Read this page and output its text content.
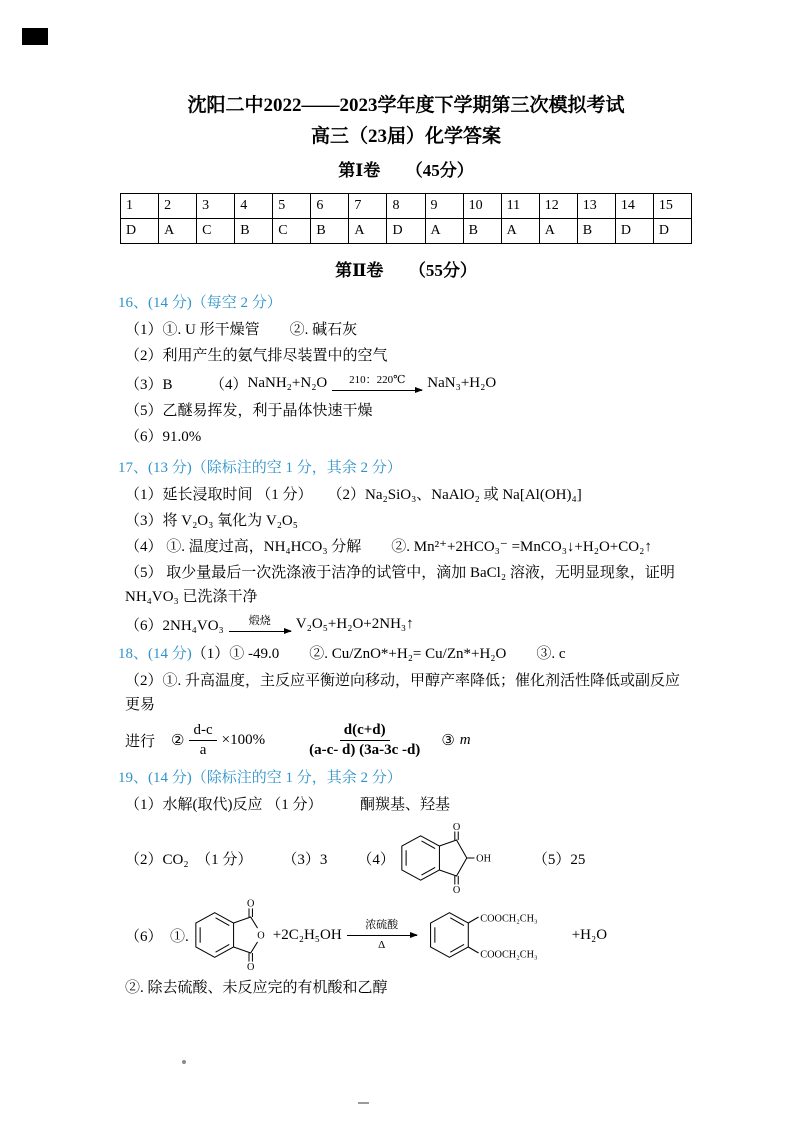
沈阳二中2022——2023学年度下学期第三次模拟考试
高三（23届）化学答案
第Ⅰ卷　　（45分）
1	2	3	4	5	6	7	8	9	10	11	12	13	14	15
D	A	C	B	C	B	A	D	A	B	A	A	B	D	D
第Ⅱ卷　　（55分）
16、(14 分)（每空 2 分）
（1）①. U 形干燥管　　②. 碱石灰
（2）利用产生的氨气排尽装置中的空气
（3）B　　　（4） NaNH₂+N₂O 210：220℃ NaN₃+H₂O
（5）乙醚易挥发，利于晶体快速干燥
（6）91.0%
17、(13 分)（除标注的空 1 分，其余 2 分）
（1）延长浸取时间 （1 分）　　（2）Na₂SiO₃、NaAlO₂ 或 Na[Al(OH)₄]
（3）将 V₂O₃ 氧化为 V₂O₅
（4） ①. 温度过高，NH₄HCO₃ 分解　　②. Mn²⁺+2HCO₃⁻ =MnCO₃↓+H₂O+CO₂↑
（5） 取少量最后一次洗涤液于洁净的试管中，滴加 BaCl₂ 溶液，无明显现象，证明 NH₄VO₃ 已洗涤干净
（6）2NH₄VO₃ 煅烧 V₂O₅+H₂O+2NH₃↑
18、(14 分)（1）① -49.0　　②. Cu/ZnO*+H₂= Cu/Zn*+H₂O　　③. c
（2）①. 升高温度，主反应平衡逆向移动，甲醇产率降低；催化剂活性降低或副反应更易
进行 ② $\frac{d-c}{a} \times 100\%$	$\frac{d(c+d)}{(a-c- d) (3a-3c -d)}$ ③ m
19、(14 分)（除标注的空 1 分，其余 2 分）
（1）水解(取代)反应 （1 分）　　　酮羰基、羟基
（2）CO₂　（1 分） （3）3 （4）
O
O
OH	（5）25
（6）　①.	O
O
O
+2C₂H₅OH
浓硫酸
Δ
COOCH₂CH₃
COOCH₂CH₃
+H₂O
②. 除去硫酸、未反应完的有机酸和乙醇
